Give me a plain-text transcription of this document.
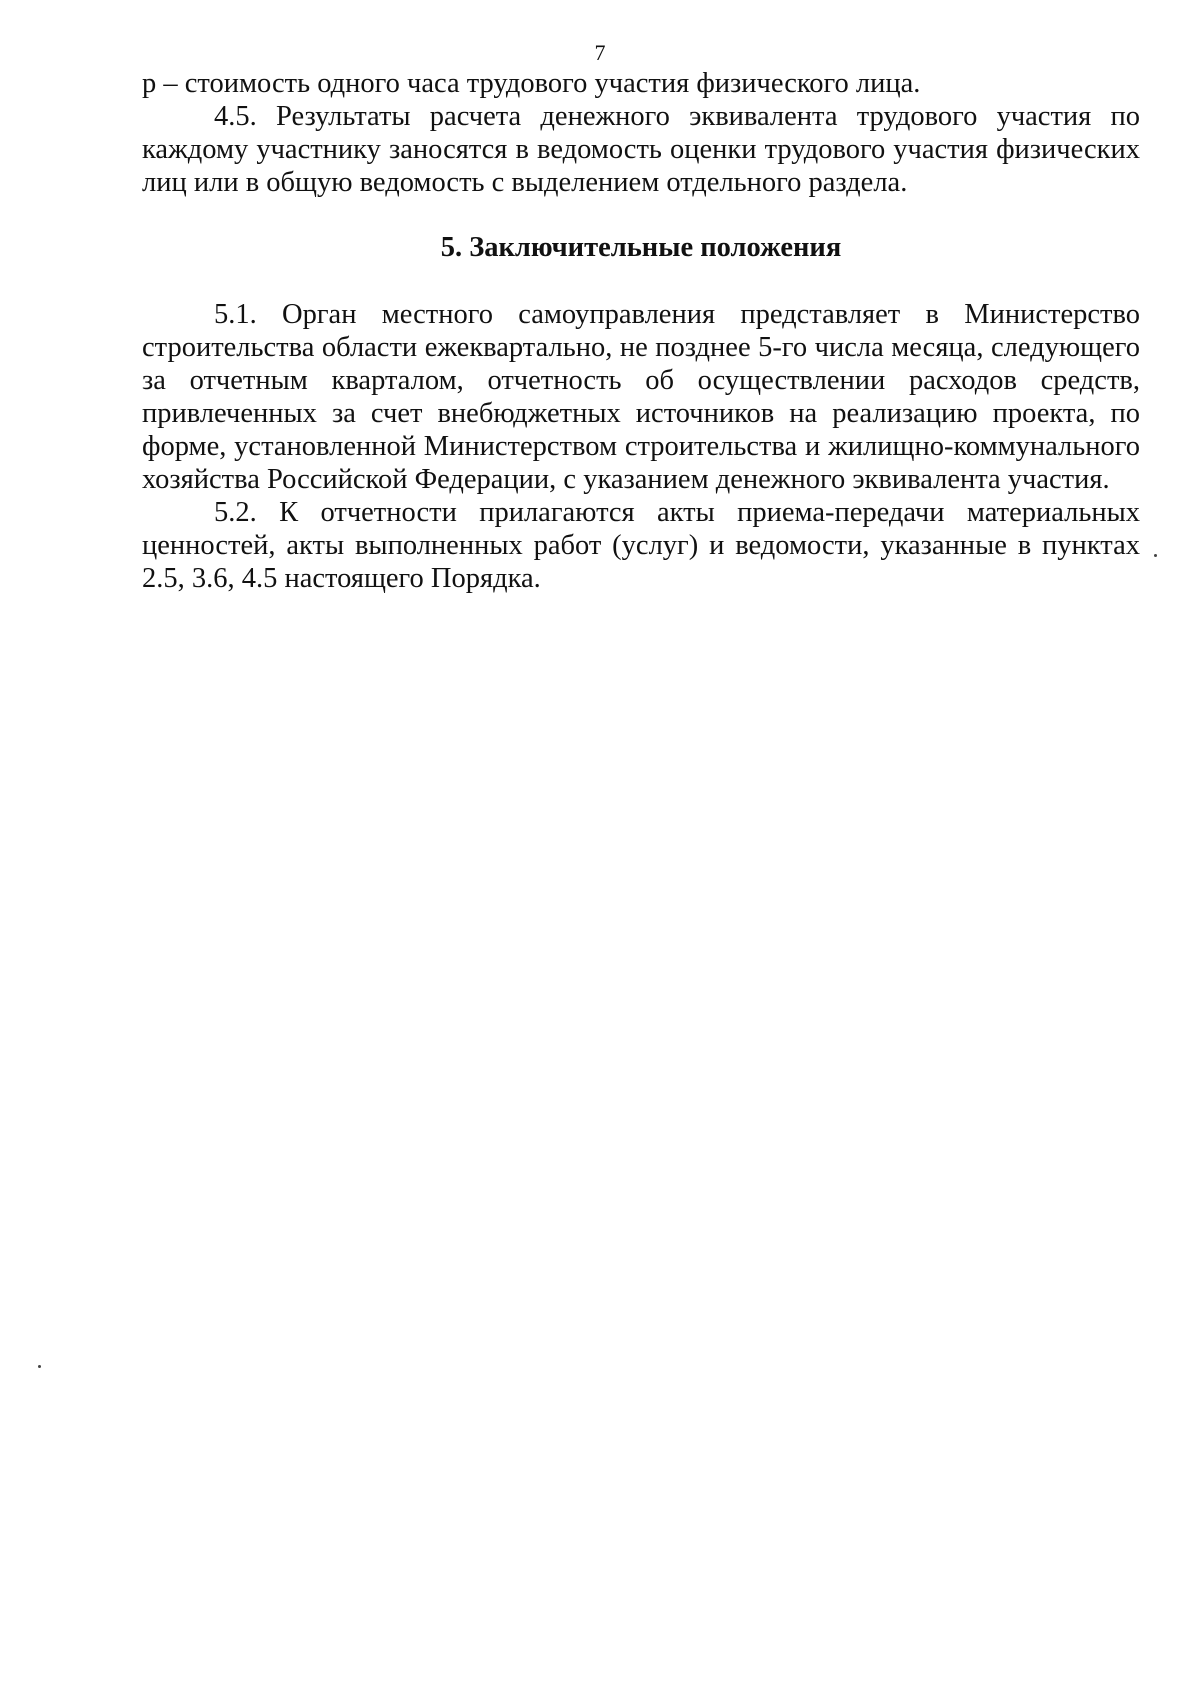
7

р – стоимость одного часа трудового участия физического лица.

4.5. Результаты расчета денежного эквивалента трудового участия по каждому участнику заносятся в ведомость оценки трудового участия физических лиц или в общую ведомость с выделением отдельного раздела.

5. Заключительные положения

5.1. Орган местного самоуправления представляет в Министерство строительства области ежеквартально, не позднее 5-го числа месяца, следующего за отчетным кварталом, отчетность об осуществлении расходов средств, привлеченных за счет внебюджетных источников на реализацию проекта, по форме, установленной Министерством строительства и жилищно-коммунального хозяйства Российской Федерации, с указанием денежного эквивалента участия.

5.2. К отчетности прилагаются акты приема-передачи материальных ценностей, акты выполненных работ (услуг) и ведомости, указанные в пунктах 2.5, 3.6, 4.5 настоящего Порядка.
